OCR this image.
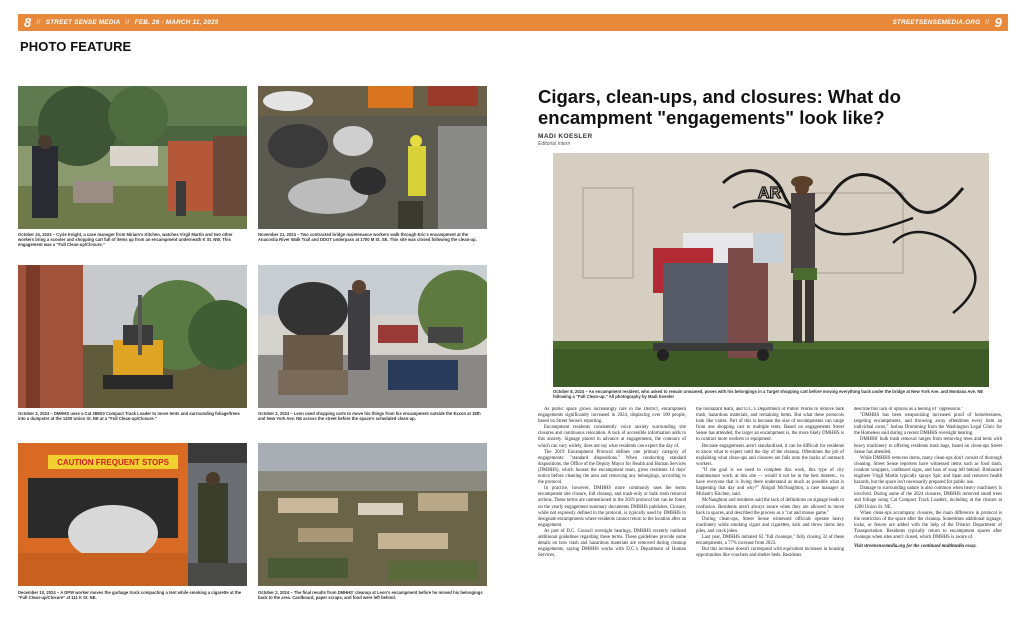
8 // STREET SENSE MEDIA // FEB. 26 - MARCH 11, 2025	STREETSENSEMEDIA.ORG // 9
PHOTO FEATURE
October 24, 2024 – Cyrie Knight, a case manager from Miriam's Kitchen, watches Virgil Martin and two other workers bring a scooter and shopping cart full of items up from an encampment underneath K St. NW. This engagement was a "Full Clean-up/Closure."
November 21, 2024 – Two contracted bridge maintenance workers walk through Eric's encampment at the Anacostia River Walk Trail and DDOT underpass at 1700 M St. SE. This site was closed following the clean-up.
October 3, 2024 – DMHHS uses a Cat 289D3 Compact Track Loader to move tents and surrounding foliage/trees into a dumpster at the 1200 Union St. NE at a "Full Clean-up/Closure."
October 2, 2024 – Leon used shopping carts to move his things from his encampment outside the Exxon at 18th and New York Ave. NE across the street before the space's scheduled clean-up.
CAUTION FREQUENT STOPS
December 10, 2024 – A DPW worker moves the garbage truck compacting a tent while smoking a cigarette at the "Full Clean-up/Closure" at 111 K St. NE.
October 2, 2024 – The final results from DMHHS' cleanup at Leon's encampment before he moved his belongings back to the area. Cardboard, paper scraps, and food were left behind.
Cigars, clean-ups, and closures: What do encampment "engagements" look like?
MADI KOESLER
Editorial Intern
AR
October 8, 2024 – An encampment resident, who asked to remain unnamed, poses with his belongings in a Target shopping cart before moving everything back under the bridge at New York Ave. and Montana Ave. NE following a "Full Clean-up." All photography by Madi Koesler

As public space grows increasingly rare in the District, encampment engagements significantly increased in 2024, displacing over 100 people, based on Street Sense's reporting.

Encampment residents consistently voice anxiety surrounding site closures and continuous relocation. A lack of accessible information adds to this anxiety. Signage placed in advance at engagements, the contours of which can vary widely, does not say what residents can expect the day of.

The 2019 Encampment Protocol defines one primary category of engagements: "standard dispositions." When conducting standard dispositions, the Office of the Deputy Mayor for Health and Human Services (DMHHS), which houses the encampment team, gives residents 14 days' notice before cleaning the area and removing any belongings, according to the protocol.

In practice, however, DMHHS more commonly uses the terms encampment site closure, full cleanup, and trash-only or bulk trash removal actions. These terms are unmentioned in the 2019 protocol but can be found on the yearly engagement summary documents DMHHS publishes. Closure, while not expressly defined in the protocol, is typically used by DMHHS to designate encampments where residents cannot return to the location after an engagement.

As part of D.C. Council oversight hearings, DMHHS recently outlined additional guidelines regarding these terms. These guidelines provide some details on how trash and hazardous materials are removed during cleanup engagements, saying DMHHS works with D.C.'s Department of Human Services,

the biohazard team, and D.C.'s Department of Public Works to remove bulk trash, hazardous materials, and remaining items. But what these protocols look like varies. Part of this is because the size of encampments can range from one shopping cart to multiple tents. Based on engagements Street Sense has attended, the larger an encampment is, the more likely DMHHS is to contract more workers or equipment.

Because engagements aren't standardized, it can be difficult for residents to know what to expect until the day of the cleanup. Oftentimes the job of explaining what clean-ups and closures are falls onto the backs of outreach workers.

"If the goal is we need to complete this work, this type of city maintenance work, at this site — would it not be in the best interest... to have everyone that is living there understand as much as possible what is happening that day and why?" Abigail McNaughton, a case manager at Miriam's Kitchen, said.

McNaughton and residents said the lack of definitions on signage leads to confusion. Residents aren't always aware when they are allowed to move back to spaces, and described the process as a "cat and mouse game."

During clean-ups, Street Sense witnessed officials operate heavy machinery while smoking cigars and cigarettes, kick and throw items into piles, and crack jokes.

Last year, DMHHS initiated 62 "full cleanups," fully closing 32 of these encampments, a 77% increase from 2023.

But this increase doesn't correspond with equivalent increases in housing opportunities like vouchers and shelter beds. Residents

describe this lack of options as a feeling of "oppression."

"DMHHS has been weaponizing increased proof of homelessness, targeting encampments, and throwing away oftentimes every item an individual owns," Joshua Drumming from the Washington Legal Clinic for the Homeless said during a recent DMHHS oversight hearing.

DMHHS' bulk trash removal ranges from removing trees and tents with heavy machinery to offering residents trash bags, based on clean-ups Street Sense has attended.

While DMHHS removes items, many clean-ups don't consist of thorough cleaning. Street Sense reporters have witnessed items such as food trash, condom wrappers, cardboard signs, and bars of soap left behind. Biohazard engineer Virgil Martin typically sprays Spic and Span and removes health hazards, but the space isn't necessarily prepared for public use.

Damage to surrounding nature is also common when heavy machinery is involved. During some of the 2024 closures, DMHHS removed small trees and foliage using Cat Compact Track Loaders, including at the closure at 1200 Union St. NE.

When clean-ups accompany closures, the main difference in protocol is the restriction of the space after the cleanup. Sometimes additional signage, locks, or fences are added with the help of the District Department of Transportation. Residents typically return to encampment spaces after cleanups when sites aren't closed, which DMHHS is aware of.

Visit streetsensemedia.org for the continued multimedia essay.
